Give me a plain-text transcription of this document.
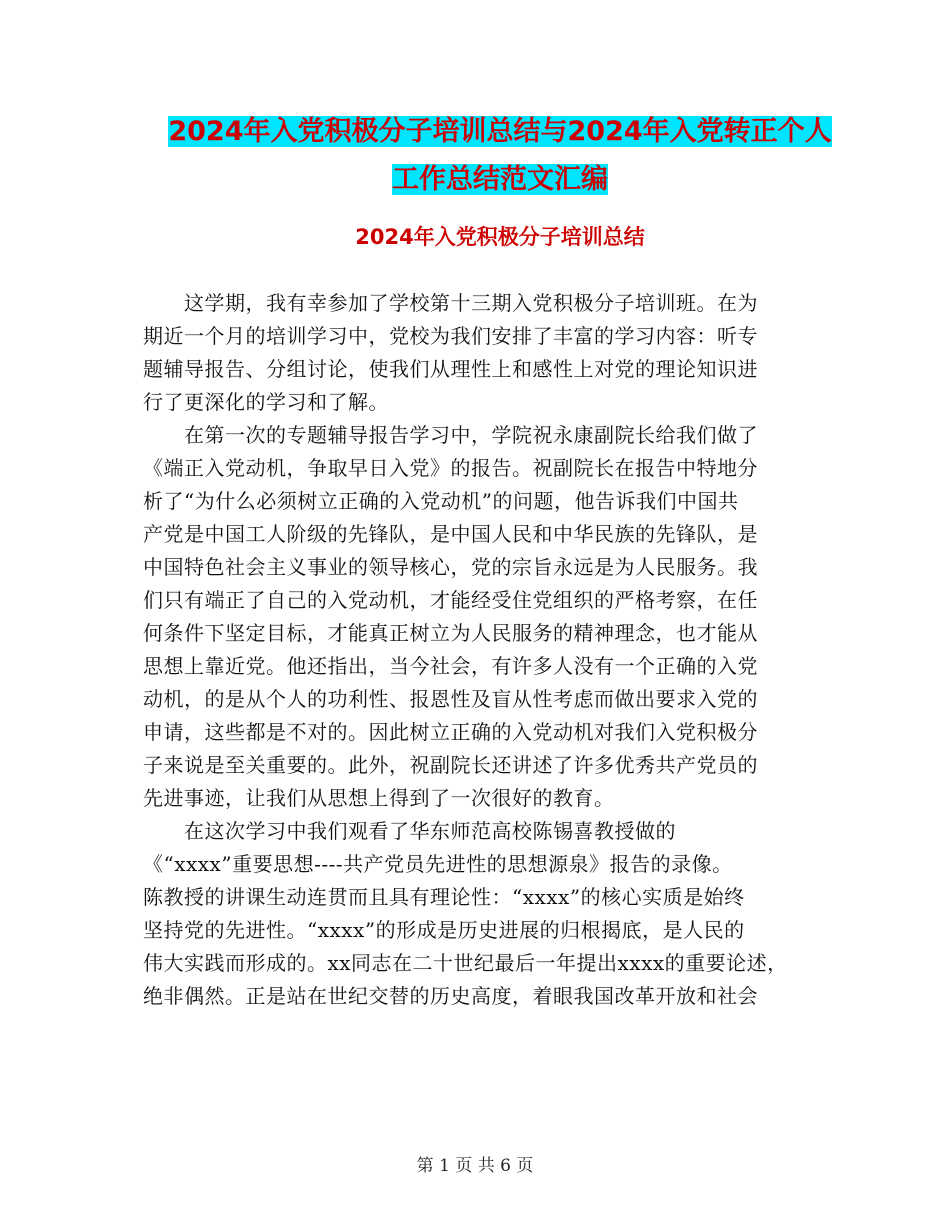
2024年入党积极分子培训总结与2024年入党转正个人
工作总结范文汇编
2024年入党积极分子培训总结

这学期，我有幸参加了学校第十三期入党积极分子培训班。在为

期近一个月的培训学习中，党校为我们安排了丰富的学习内容：听专

题辅导报告、分组讨论，使我们从理性上和感性上对党的理论知识进

行了更深化的学习和了解。

在第一次的专题辅导报告学习中，学院祝永康副院长给我们做了

《端正入党动机，争取早日入党》的报告。祝副院长在报告中特地分

析了“为什么必须树立正确的入党动机”的问题，他告诉我们中国共

产党是中国工人阶级的先锋队，是中国人民和中华民族的先锋队，是

中国特色社会主义事业的领导核心，党的宗旨永远是为人民服务。我

们只有端正了自己的入党动机，才能经受住党组织的严格考察，在任

何条件下坚定目标，才能真正树立为人民服务的精神理念，也才能从

思想上靠近党。他还指出，当今社会，有许多人没有一个正确的入党

动机，的是从个人的功利性、报恩性及盲从性考虑而做出要求入党的

申请，这些都是不对的。因此树立正确的入党动机对我们入党积极分

子来说是至关重要的。此外，祝副院长还讲述了许多优秀共产党员的

先进事迹，让我们从思想上得到了一次很好的教育。

在这次学习中我们观看了华东师范高校陈锡喜教授做的

《“xxxx”重要思想----共产党员先进性的思想源泉》报告的录像。

陈教授的讲课生动连贯而且具有理论性：“xxxx”的核心实质是始终

坚持党的先进性。“xxxx”的形成是历史进展的归根揭底，是人民的

伟大实践而形成的。xx同志在二十世纪最后一年提出xxxx的重要论述，

绝非偶然。正是站在世纪交替的历史高度，着眼我国改革开放和社会

第 1 页 共 6 页
